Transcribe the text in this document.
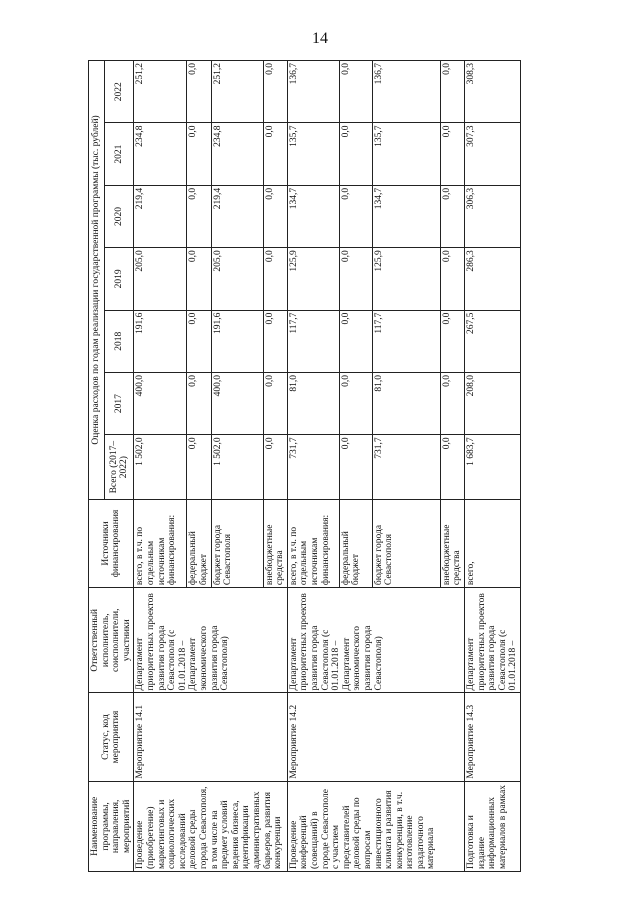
14
Наименование программы, направления, мероприятий	Статус, код мероприятия	Ответственный исполнитель, соисполнители, участники	Источники финансирования	Оценка расходов по годам реализации государственной программы (тыс. рублей)						
				Всего (2017–2022)	2017	2018	2019	2020	2021	2022
Проведение (приобретение) маркетинговых и социологических исследований деловой среды города Севастополя, в том числе на предмет условий ведения бизнеса, идентификации административных барьеров, развития конкуренции	Мероприятие 14.1	Департамент приоритетных проектов развития города Севастополя (с 01.01.2018 – Департамент экономического развития города Севастополя)	всего, в т.ч. по отдельным источникам финансирования:	1 502,0	400,0	191,6	205,0	219,4	234,8	251,2
			федеральный бюджет	0,0	0,0	0,0	0,0	0,0	0,0	0,0
			бюджет города Севастополя	1 502,0	400,0	191,6	205,0	219,4	234,8	251,2
			внебюджетные средства	0,0	0,0	0,0	0,0	0,0	0,0	0,0
Проведение конференций (совещаний) в городе Севастополе с участием представителей деловой среды по вопросам инвестиционного климата и развития конкуренции, в т.ч. изготовление раздаточного материала	Мероприятие 14.2	Департамент приоритетных проектов развития города Севастополя (с 01.01.2018 – Департамент экономического развития города Севастополя)	всего, в т.ч. по отдельным источникам финансирования:	731,7	81,0	117,7	125,9	134,7	135,7	136,7
			федеральный бюджет	0,0	0,0	0,0	0,0	0,0	0,0	0,0
			бюджет города Севастополя	731,7	81,0	117,7	125,9	134,7	135,7	136,7
			внебюджетные средства	0,0	0,0	0,0	0,0	0,0	0,0	0,0
Подготовка и издание информационных материалов в рамках	Мероприятие 14.3	Департамент приоритетных проектов развития города Севастополя (с 01.01.2018 –	всего,	1 683,7	208,0	267,5	286,3	306,3	307,3	308,3
